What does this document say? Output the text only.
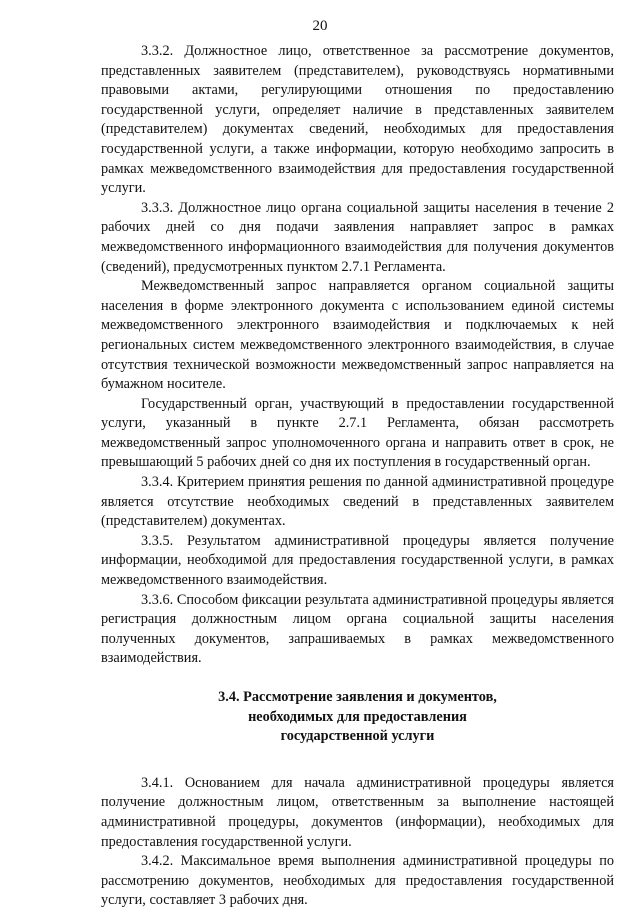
20

3.3.2. Должностное лицо, ответственное за рассмотрение документов, представленных заявителем (представителем), руководствуясь нормативными правовыми актами, регулирующими отношения по предоставлению государственной услуги, определяет наличие в представленных заявителем (представителем) документах сведений, необходимых для предоставления государственной услуги, а также информации, которую необходимо запросить в рамках межведомственного взаимодействия для предоставления государственной услуги.

3.3.3. Должностное лицо органа социальной защиты населения в течение 2 рабочих дней со дня подачи заявления направляет запрос в рамках межведомственного информационного взаимодействия для получения документов (сведений), предусмотренных пунктом 2.7.1 Регламента.

Межведомственный запрос направляется органом социальной защиты населения в форме электронного документа с использованием единой системы межведомственного электронного взаимодействия и подключаемых к ней региональных систем межведомственного электронного взаимодействия, в случае отсутствия технической возможности межведомственный запрос направляется на бумажном носителе.

Государственный орган, участвующий в предоставлении государственной услуги, указанный в пункте 2.7.1 Регламента, обязан рассмотреть межведомственный запрос уполномоченного органа и направить ответ в срок, не превышающий 5 рабочих дней со дня их поступления в государственный орган.

3.3.4. Критерием принятия решения по данной административной процедуре является отсутствие необходимых сведений в представленных заявителем (представителем) документах.

3.3.5. Результатом административной процедуры является получение информации, необходимой для предоставления государственной услуги, в рамках межведомственного взаимодействия.

3.3.6. Способом фиксации результата административной процедуры является регистрация должностным лицом органа социальной защиты населения полученных документов, запрашиваемых в рамках межведомственного взаимодействия.

3.4. Рассмотрение заявления и документов,
необходимых для предоставления
государственной услуги

3.4.1. Основанием для начала административной процедуры является получение должностным лицом, ответственным за выполнение настоящей административной процедуры, документов (информации), необходимых для предоставления государственной услуги.

3.4.2. Максимальное время выполнения административной процедуры по рассмотрению документов, необходимых для предоставления государственной услуги, составляет 3 рабочих дня.
